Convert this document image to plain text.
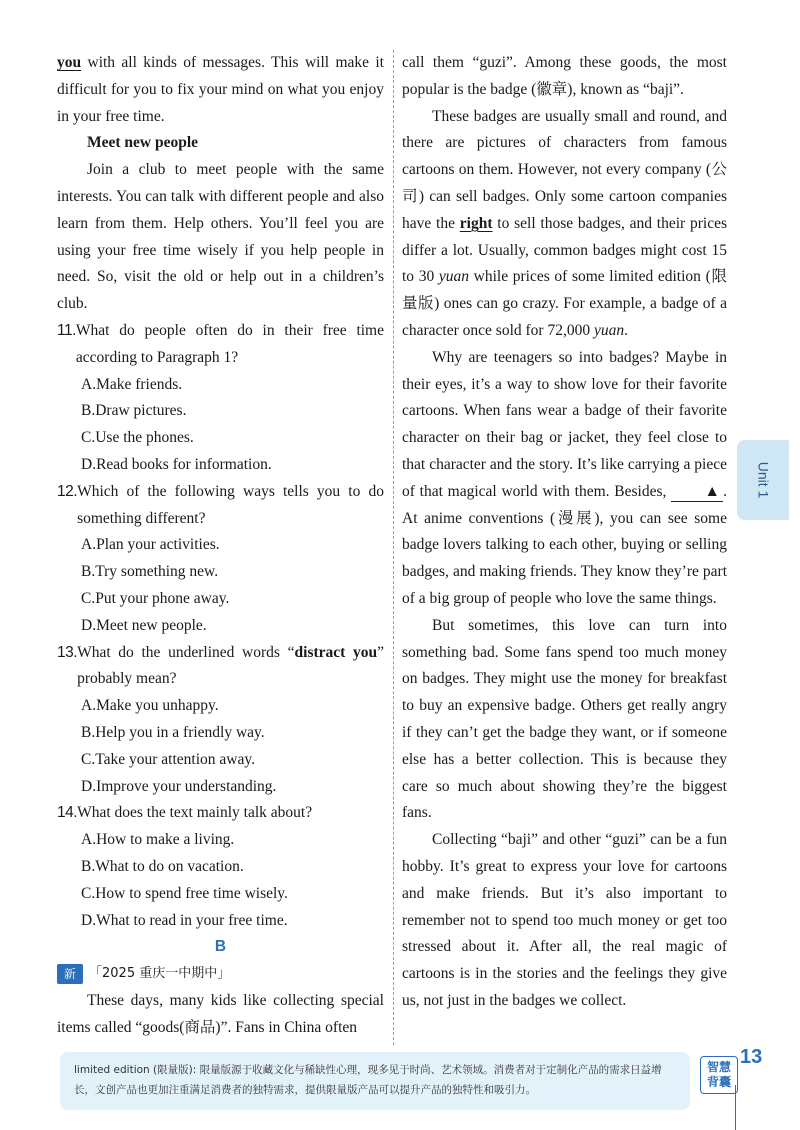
you with all kinds of messages. This will make it difficult for you to fix your mind on what you enjoy in your free time.

Meet new people

Join a club to meet people with the same interests. You can talk with different people and also learn from them. Help others. You’ll feel you are using your free time wisely if you help people in need. So, visit the old or help out in a children’s club.

11. What do people often do in their free time according to Paragraph 1?

A.Make friends.

B.Draw pictures.

C.Use the phones.

D.Read books for information.

12. Which of the following ways tells you to do something different?

A.Plan your activities.

B.Try something new.

C.Put your phone away.

D.Meet new people.

13. What do the underlined words “distract you” probably mean?

A.Make you unhappy.

B.Help you in a friendly way.

C.Take your attention away.

D.Improve your understanding.

14. What does the text mainly talk about?

A.How to make a living.

B.What to do on vacation.

C.How to spend free time wisely.

D.What to read in your free time.

B

新	「2025 重庆一中期中」

These days, many kids like collecting special items called “goods(商品)”. Fans in China often

call them “guzi”. Among these goods, the most popular is the badge (徽章), known as “baji”.

These badges are usually small and round, and there are pictures of characters from famous cartoons on them. However, not every company (公司) can sell badges. Only some cartoon companies have the right to sell those badges, and their prices differ a lot. Usually, common badges might cost 15 to 30 yuan while prices of some limited edition (限量版) ones can go crazy. For example, a badge of a character once sold for 72,000 yuan.

Why are teenagers so into badges? Maybe in their eyes, it’s a way to show love for their favorite cartoons. When fans wear a badge of their favorite character on their bag or jacket, they feel close to that character and the story. It’s like carrying a piece of that magical world with them. Besides, ▲ . At anime conventions (漫展), you can see some badge lovers talking to each other, buying or selling badges, and making friends. They know they’re part of a big group of people who love the same things.

But sometimes, this love can turn into something bad. Some fans spend too much money on badges. They might use the money for breakfast to buy an expensive badge. Others get really angry if they can’t get the badge they want, or if someone else has a better collection. This is because they care so much about showing they’re the biggest fans.

Collecting “baji” and other “guzi” can be a fun hobby. It’s great to express your love for cartoons and make friends. But it’s also important to remember not to spend too much money or get too stressed about it. After all, the real magic of cartoons is in the stories and the feelings they give us, not just in the badges we collect.

Unit 1
limited edition (限量版): 限量版源于收藏文化与稀缺性心理，现多见于时尚、艺术领域。消费者对于定制化产品的需求日益增长，文创产品也更加注重满足消费者的独特需求，提供限量版产品可以提升产品的独特性和吸引力。
智慧
背囊
13
